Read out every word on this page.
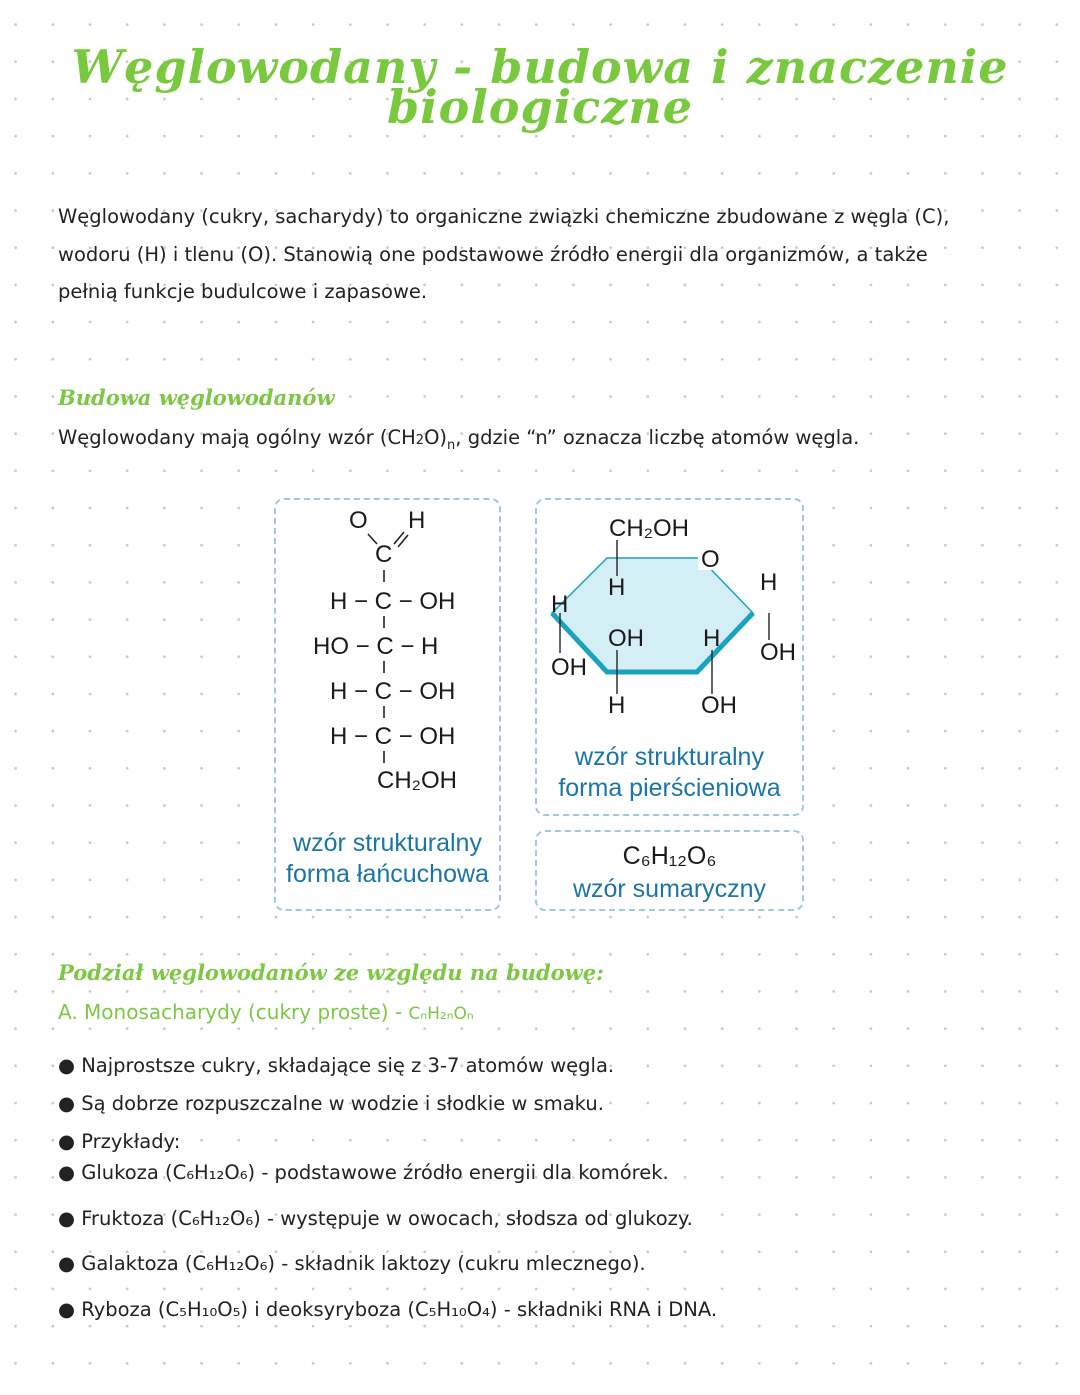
Węglowodany - budowa i znaczenie
biologiczne
Węglowodany (cukry, sacharydy) to organiczne związki chemiczne zbudowane z węgla (C),
wodoru (H) i tlenu (O). Stanowią one podstawowe źródło energii dla organizmów, a także
pełnią funkcje budulcowe i zapasowe.
Budowa węglowodanów
Węglowodany mają ogólny wzór $(CH2O)_n$, gdzie “n” oznacza liczbę atomów węgla.
O H
C
H − C − OH
HO − C − H
H − C − OH
H − C − OH
CH₂OH
wzór strukturalny
forma łańcuchowa
O
CH₂OH
H	H
OH
H
OH
OH H
H	OH
wzór strukturalny
forma pierścieniowa
C₆H₁₂O₆
wzór sumaryczny
Podział węglowodanów ze względu na budowę:
A. Monosacharydy (cukry proste) - CₙH₂ₙOₙ
● Najprostsze cukry, składające się z 3-7 atomów węgla.
● Są dobrze rozpuszczalne w wodzie i słodkie w smaku.
● Przykłady:
● Glukoza (C₆H₁₂O₆) - podstawowe źródło energii dla komórek.
● Fruktoza (C₆H₁₂O₆) - występuje w owocach, słodsza od glukozy.
● Galaktoza (C₆H₁₂O₆) - składnik laktozy (cukru mlecznego).
● Ryboza (C₅H₁₀O₅) i deoksyryboza (C₅H₁₀O₄) - składniki RNA i DNA.
